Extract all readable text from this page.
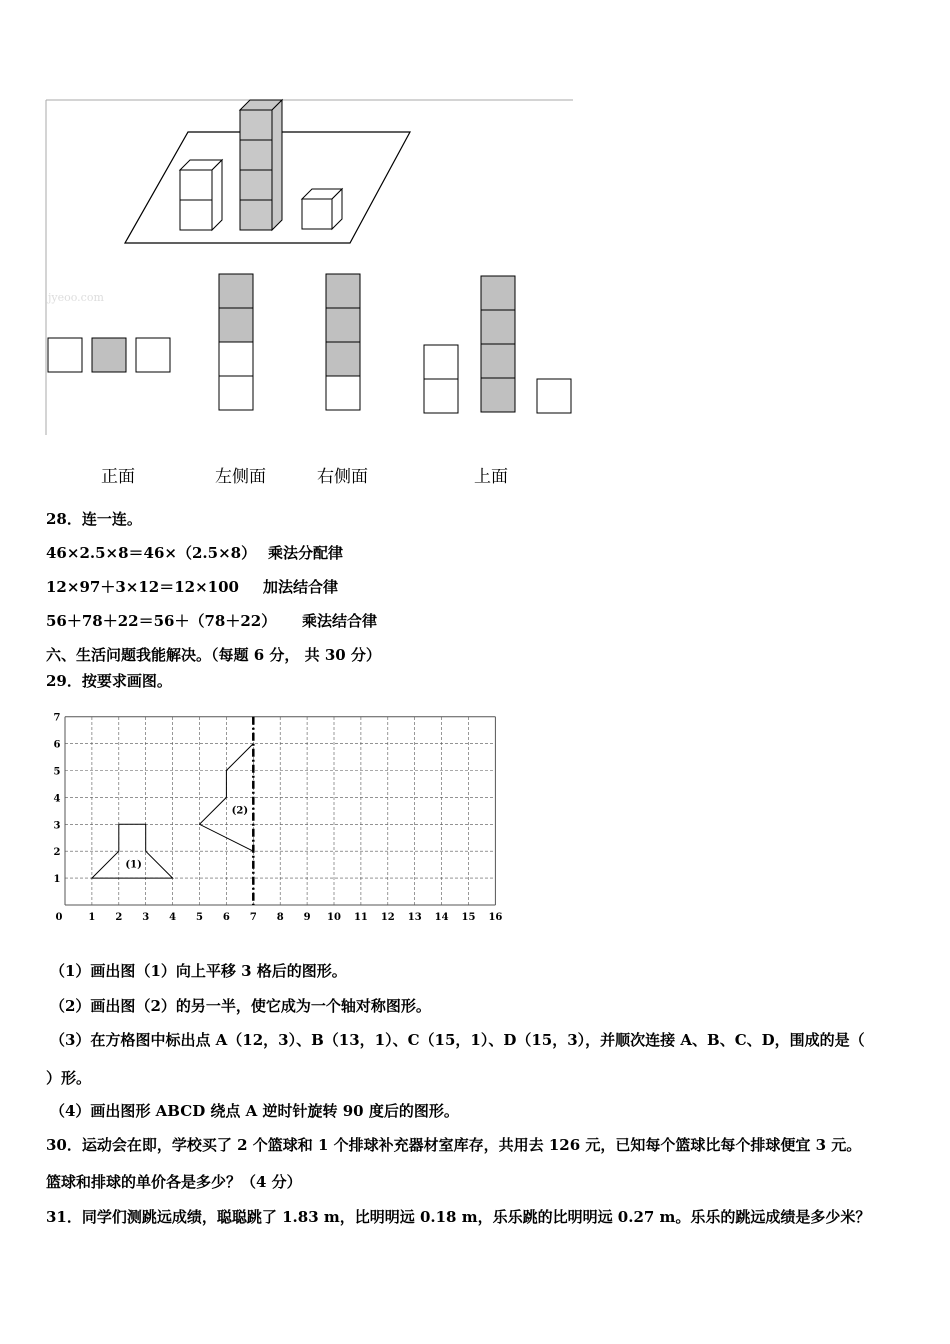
jyeoo.com
正面	左侧面	右侧面	上面
28．连一连。
46×2.5×8＝46×（2.5×8） 乘法分配律
12×97＋3×12＝12×100 加法结合律
56＋78＋22＝56＋（78＋22） 乘法结合律
六、生活问题我能解决。（每题 6 分， 共 30 分）
29．按要求画图。
0	1 2 3 4 5 6 7 8 9 10 11 12 13 14 15 16
1
2
3
4
5
6
7
(1)
(2)
（1）画出图（1）向上平移 3 格后的图形。
（2）画出图（2）的另一半，使它成为一个轴对称图形。
（3）在方格图中标出点 A（12，3）、B（13，1）、C（15，1）、D（15，3），并顺次连接 A、B、C、D，围成的是（
）形。
（4）画出图形 ABCD 绕点 A 逆时针旋转 90 度后的图形。
30．运动会在即，学校买了 2 个篮球和 1 个排球补充器材室库存，共用去 126 元，已知每个篮球比每个排球便宜 3 元。
篮球和排球的单价各是多少？（4 分）
31．同学们测跳远成绩，聪聪跳了 1.83 m，比明明远 0.18 m，乐乐跳的比明明远 0.27 m。乐乐的跳远成绩是多少米？
